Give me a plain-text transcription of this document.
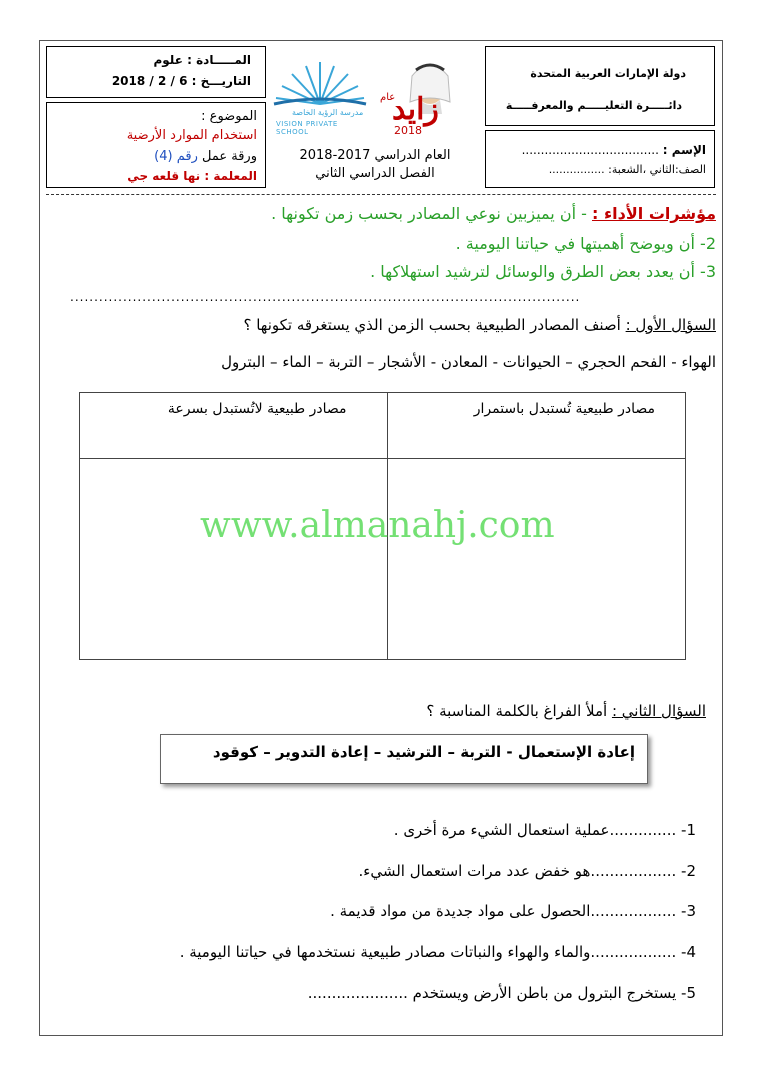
دولة الإمارات العربية المتحدة
دائـــــرة التعليـــــم والمعرفـــــة
الإسم : ....................................
الصف:الثاني ،الشعبة: ................
زايد
عام
2018
مدرسة الرؤية الخاصة
VISION PRIVATE SCHOOL
العام الدراسي 2017-2018
الفصل الدراسي الثاني
المـــــادة : علوم
التاريـــخ : 6 / 2 / 2018
الموضوع :
استخدام الموارد الأرضية
ورقة عمل رقم (4)
المعلمة : نها قلعه جي
مؤشرات الأداء : - أن يميزبين نوعي المصادر بحسب زمن تكونها .
2- أن ويوضح أهميتها في حياتنا اليومية .
3- أن يعدد بعض الطرق والوسائل لترشيد استهلاكها .
..........................................................................................................
السؤال الأول : أصنف المصادر الطبيعية بحسب الزمن الذي يستغرقه تكونها ؟
الهواء - الفحم الحجري – الحيوانات - المعادن - الأشجار – التربة – الماء – البترول
مصادر طبيعية لاتُستبدل بسرعة	مصادر طبيعية تُستبدل باستمرار

www.almanahj.com
السؤال الثاني : أملأ الفراغ بالكلمة المناسبة ؟
إعادة الإستعمال - التربة – الترشيد – إعادة التدوير – كوقود
1- ..............عملية استعمال الشيء مرة أخرى .
2- ..................هو خفض عدد مرات استعمال الشيء.
3- ..................الحصول على مواد جديدة من مواد قديمة .
4- ..................والماء والهواء والنباتات مصادر طبيعية نستخدمها في حياتنا اليومية .
5- يستخرج البترول من باطن الأرض ويستخدم .....................
